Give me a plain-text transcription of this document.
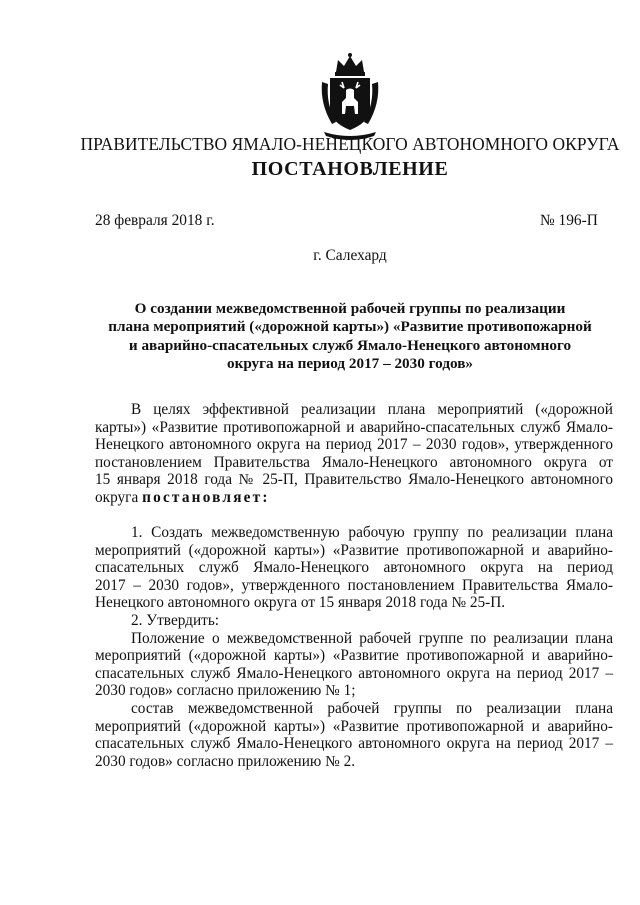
ПРАВИТЕЛЬСТВО ЯМАЛО-НЕНЕЦКОГО АВТОНОМНОГО ОКРУГА
ПОСТАНОВЛЕНИЕ
28 февраля 2018 г.	№ 196-П
г. Салехард
О создании межведомственной рабочей группы по реализации
плана мероприятий («дорожной карты») «Развитие противопожарной
и аварийно-спасательных служб Ямало-Ненецкого автономного
округа на период 2017 – 2030 годов»
В целях эффективной реализации плана мероприятий («дорожной
карты») «Развитие противопожарной и аварийно-спасательных служб Ямало-
Ненецкого автономного округа на период 2017 – 2030 годов», утвержденного
постановлением Правительства Ямало-Ненецкого автономного округа от
15 января 2018 года № 25-П, Правительство Ямало-Ненецкого автономного
округа постановляет:
1. Создать межведомственную рабочую группу по реализации плана
мероприятий («дорожной карты») «Развитие противопожарной и аварийно-
спасательных служб Ямало-Ненецкого автономного округа на период
2017 – 2030 годов», утвержденного постановлением Правительства Ямало-
Ненецкого автономного округа от 15 января 2018 года № 25-П.
2. Утвердить:
Положение о межведомственной рабочей группе по реализации плана
мероприятий («дорожной карты») «Развитие противопожарной и аварийно-
спасательных служб Ямало-Ненецкого автономного округа на период 2017 –
2030 годов» согласно приложению № 1;
состав межведомственной рабочей группы по реализации плана
мероприятий («дорожной карты») «Развитие противопожарной и аварийно-
спасательных служб Ямало-Ненецкого автономного округа на период 2017 –
2030 годов» согласно приложению № 2.
